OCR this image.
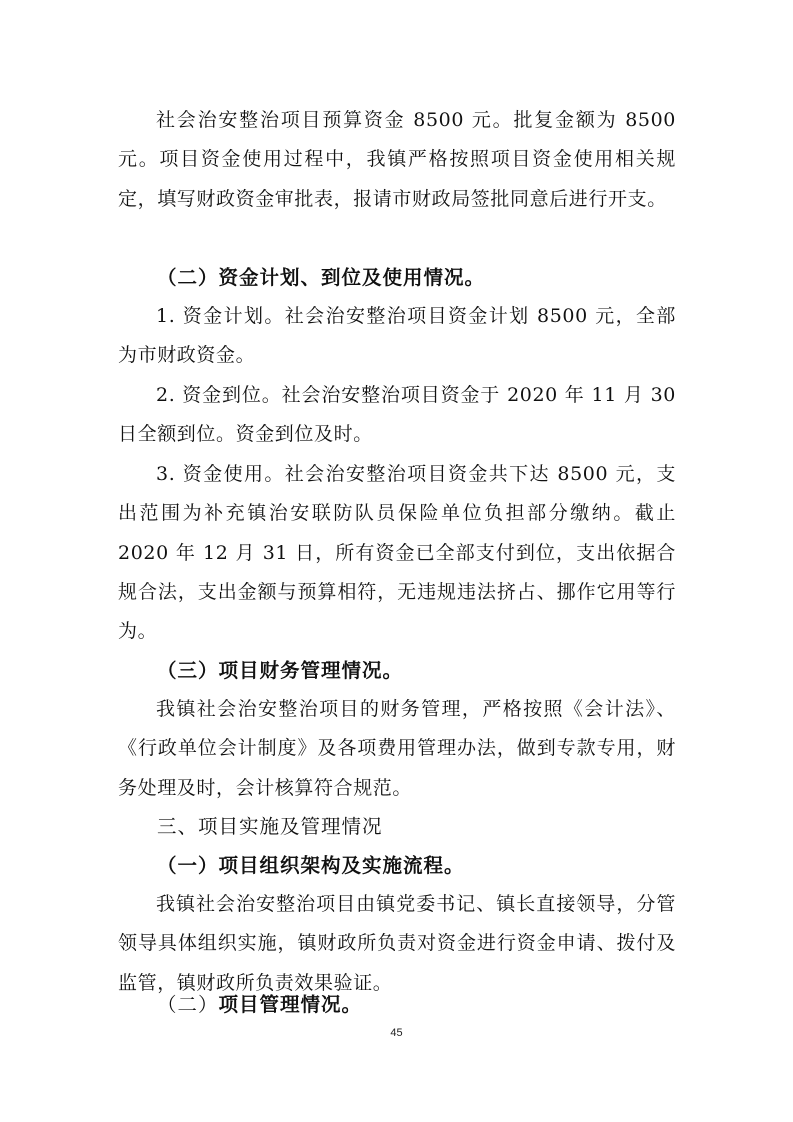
社会治安整治项目预算资金 8500 元。批复金额为 8500 元。项目资金使用过程中，我镇严格按照项目资金使用相关规定，填写财政资金审批表，报请市财政局签批同意后进行开支。

（二）资金计划、到位及使用情况。

1. 资金计划。社会治安整治项目资金计划 8500 元，全部为市财政资金。

2. 资金到位。社会治安整治项目资金于 2020 年 11 月 30 日全额到位。资金到位及时。

3. 资金使用。社会治安整治项目资金共下达 8500 元，支出范围为补充镇治安联防队员保险单位负担部分缴纳。截止 2020 年 12 月 31 日，所有资金已全部支付到位，支出依据合规合法，支出金额与预算相符，无违规违法挤占、挪作它用等行为。

（三）项目财务管理情况。

我镇社会治安整治项目的财务管理，严格按照《会计法》、《行政单位会计制度》及各项费用管理办法，做到专款专用，财务处理及时，会计核算符合规范。

三、项目实施及管理情况

（一）项目组织架构及实施流程。

我镇社会治安整治项目由镇党委书记、镇长直接领导，分管领导具体组织实施，镇财政所负责对资金进行资金申请、拨付及监管，镇财政所负责效果验证。

（二）项目管理情况。

45
